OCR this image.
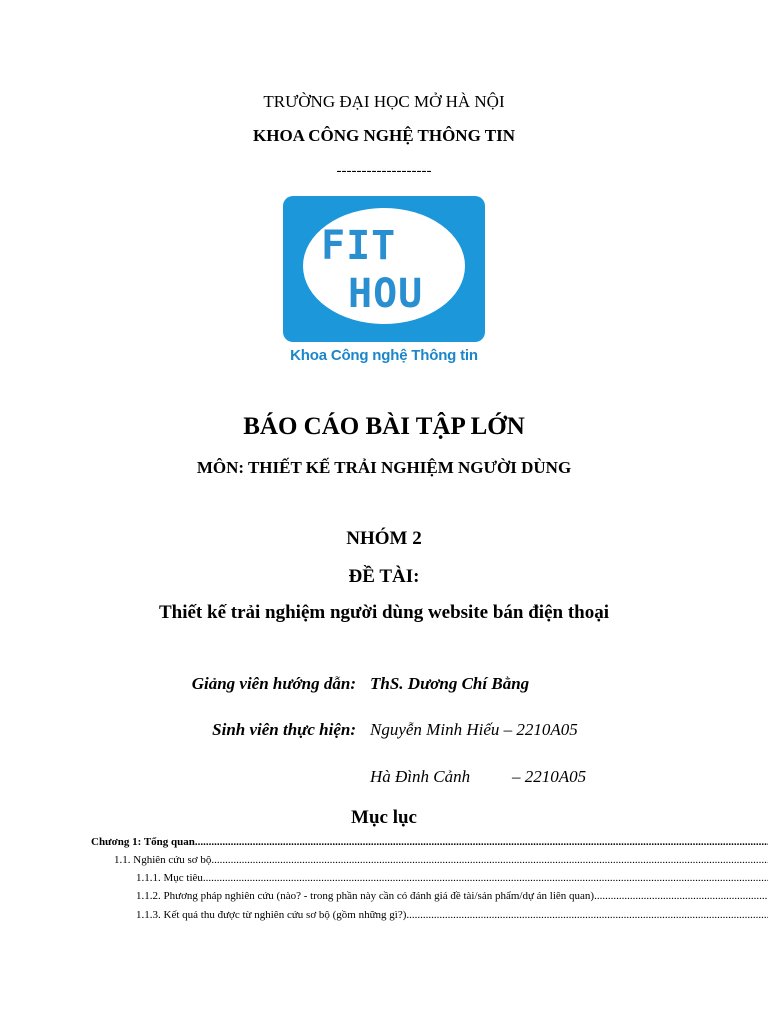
TRƯỜNG ĐẠI HỌC MỞ HÀ NỘI
KHOA CÔNG NGHỆ THÔNG TIN
-------------------
FIT
HOU
Khoa Công nghệ Thông tin
BÁO CÁO BÀI TẬP LỚN
MÔN: THIẾT KẾ TRẢI NGHIỆM NGƯỜI DÙNG
NHÓM 2
ĐỀ TÀI:
Thiết kế trải nghiệm người dùng website bán điện thoại
Giảng viên hướng dẫn: ThS. Dương Chí Bằng
Sinh viên thực hiện: Nguyễn Minh Hiếu – 2210A05
Hà Đình Cảnh – 2210A05
Mục lục
Chương 1: Tổng quan
.....
1.1. Nghiên cứu sơ bộ
.....
1.1.1. Mục tiêu
.....
1.1.2. Phương pháp nghiên cứu (nào? - trong phần này cần có đánh giá đề tài/sản phẩm/dự án liên quan)
.....
1.1.3. Kết quả thu được từ nghiên cứu sơ bộ (gồm những gì?)
.....
